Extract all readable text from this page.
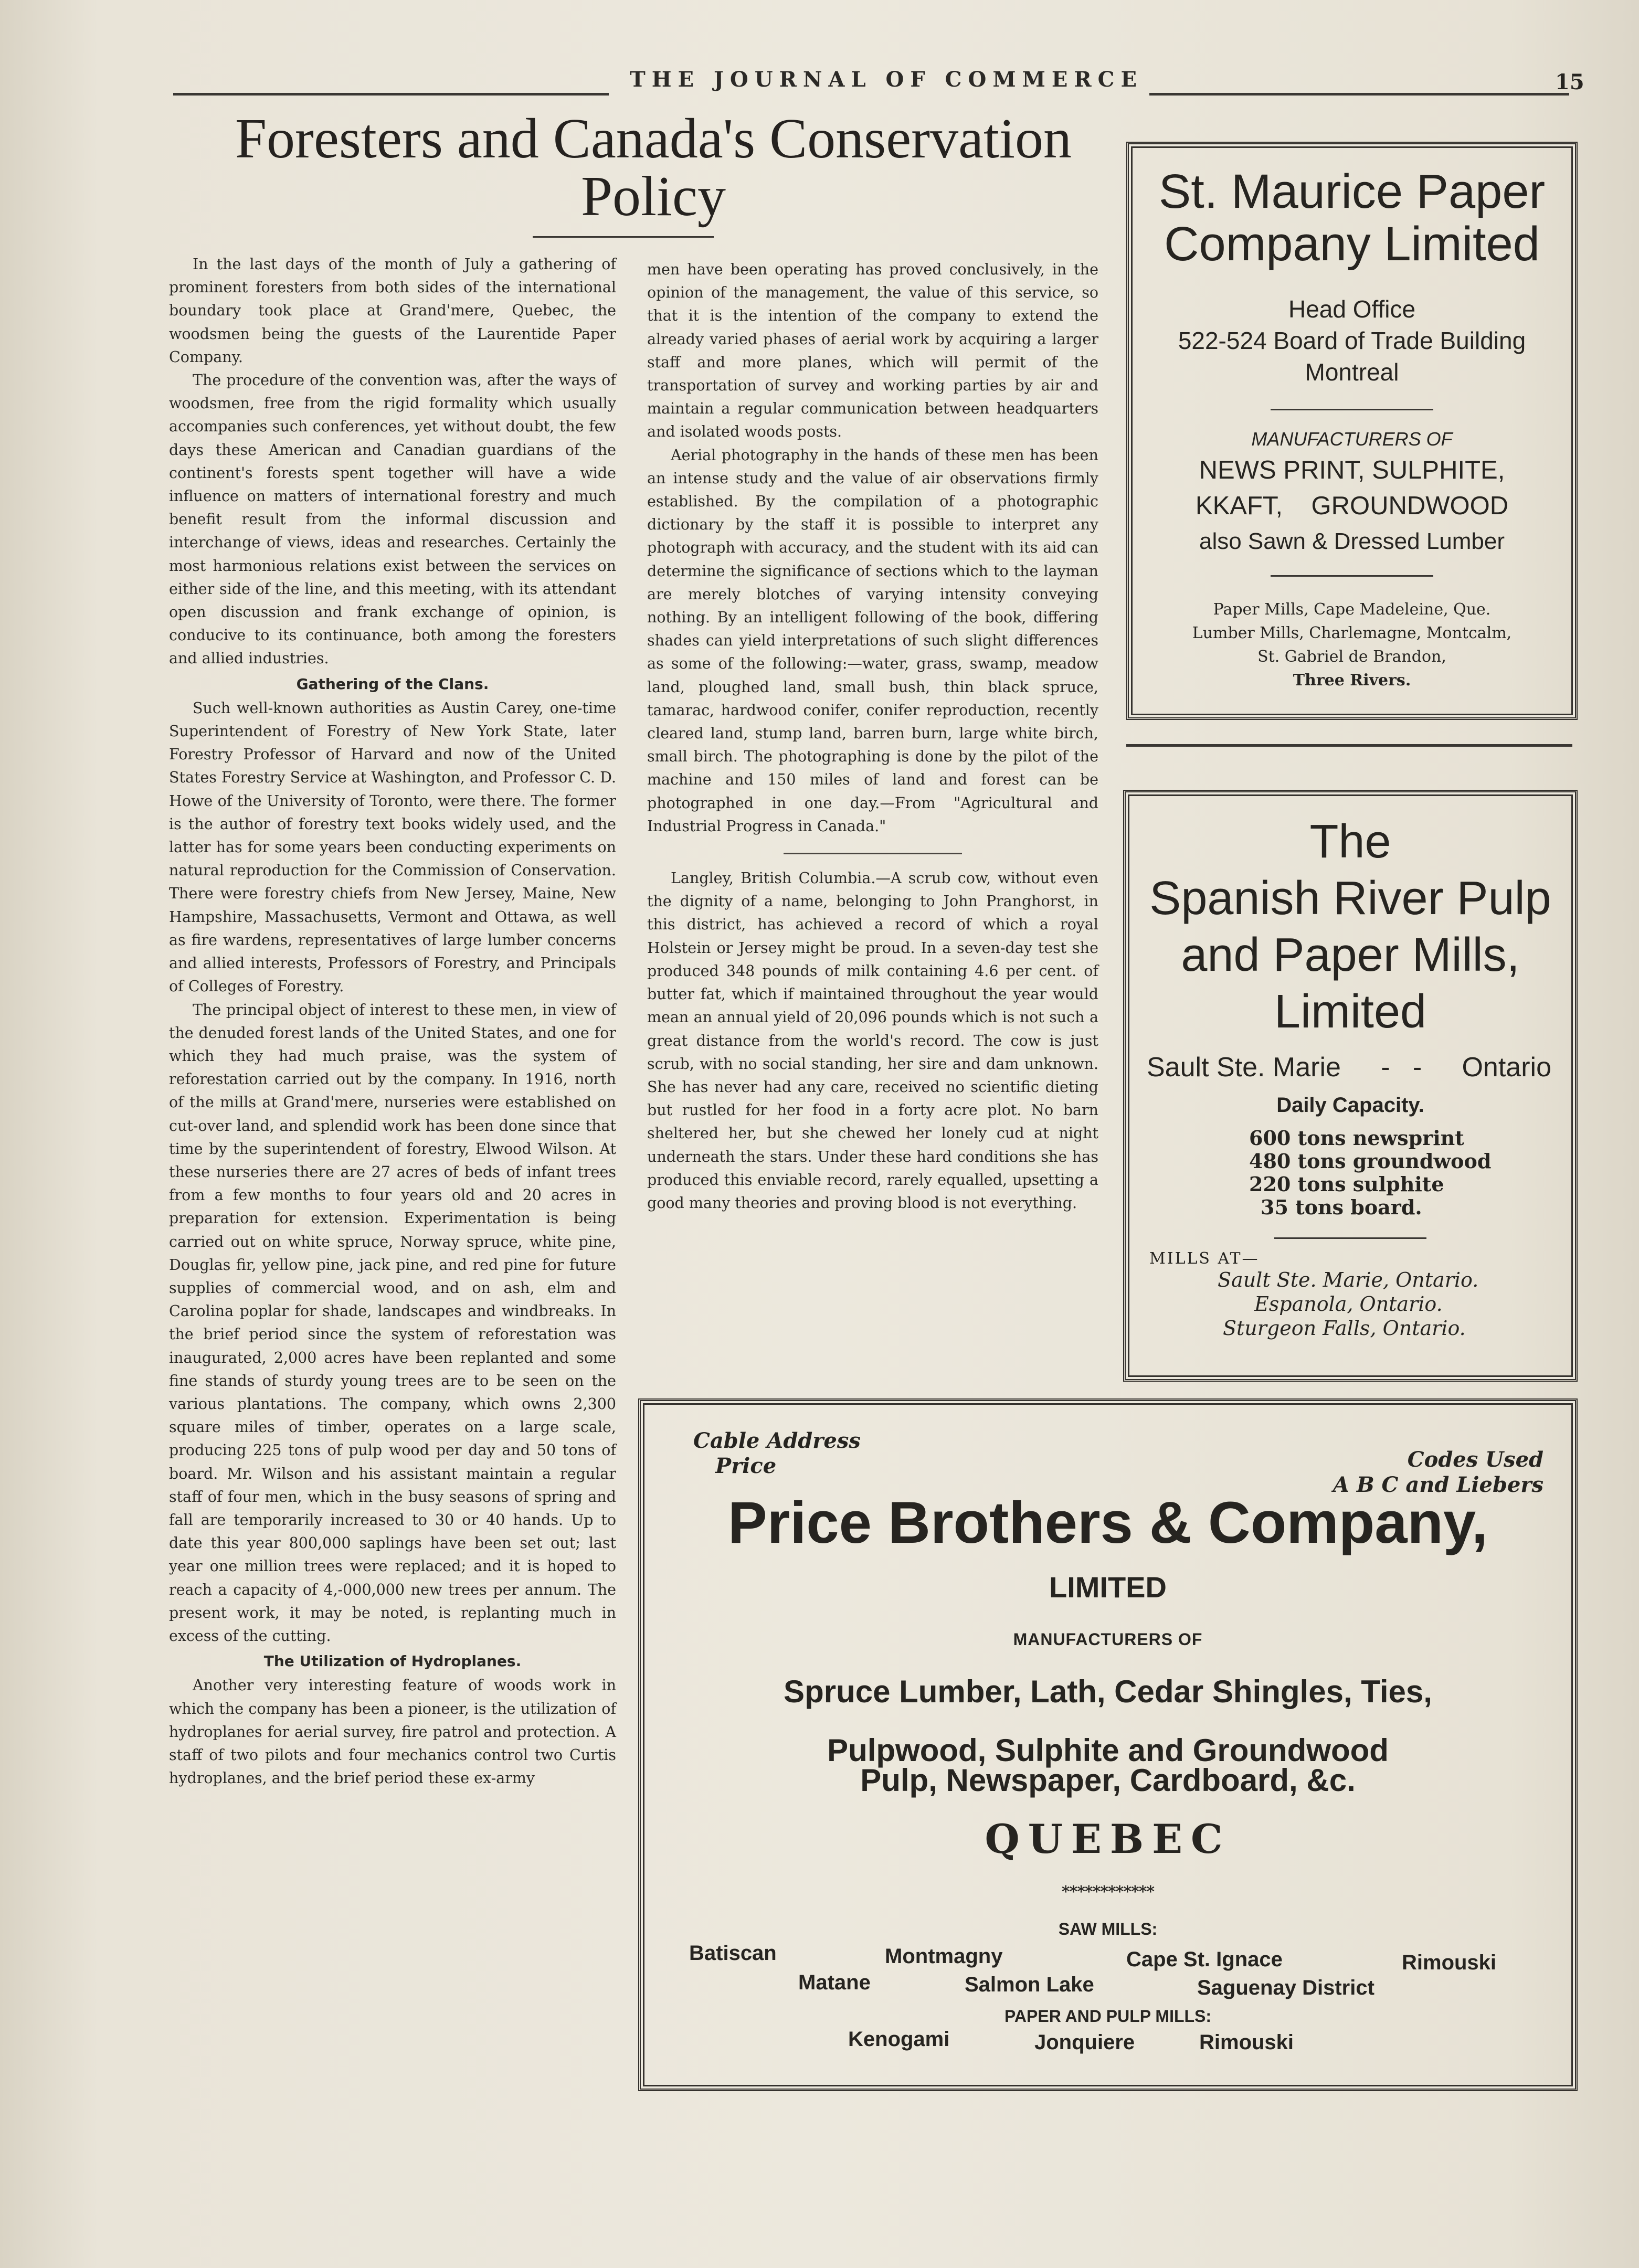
THE JOURNAL OF COMMERCE	15
Foresters and Canada's Conservation Policy

In the last days of the month of July a gathering of prominent foresters from both sides of the international boundary took place at Grand'mere, Quebec, the woodsmen being the guests of the Laurentide Paper Company.

The procedure of the convention was, after the ways of woodsmen, free from the rigid formality which usually accompanies such conferences, yet without doubt, the few days these American and Canadian guardians of the continent's forests spent together will have a wide influence on matters of international forestry and much benefit result from the informal discussion and interchange of views, ideas and researches. Certainly the most harmonious relations exist between the services on either side of the line, and this meeting, with its attendant open discussion and frank exchange of opinion, is conducive to its continuance, both among the foresters and allied industries.

Gathering of the Clans.

Such well-known authorities as Austin Carey, one-time Superintendent of Forestry of New York State, later Forestry Professor of Harvard and now of the United States Forestry Service at Washington, and Professor C. D. Howe of the University of Toronto, were there. The former is the author of forestry text books widely used, and the latter has for some years been conducting experiments on natural reproduction for the Commission of Conservation. There were forestry chiefs from New Jersey, Maine, New Hampshire, Massachusetts, Vermont and Ottawa, as well as fire wardens, representatives of large lumber concerns and allied interests, Professors of Forestry, and Principals of Colleges of Forestry.

The principal object of interest to these men, in view of the denuded forest lands of the United States, and one for which they had much praise, was the system of reforestation carried out by the company. In 1916, north of the mills at Grand'mere, nurseries were established on cut-over land, and splendid work has been done since that time by the superintendent of forestry, Elwood Wilson. At these nurseries there are 27 acres of beds of infant trees from a few months to four years old and 20 acres in preparation for extension. Experimentation is being carried out on white spruce, Norway spruce, white pine, Douglas fir, yellow pine, jack pine, and red pine for future supplies of commercial wood, and on ash, elm and Carolina poplar for shade, landscapes and windbreaks. In the brief period since the system of reforestation was inaugurated, 2,000 acres have been replanted and some fine stands of sturdy young trees are to be seen on the various plantations. The company, which owns 2,300 square miles of timber, operates on a large scale, producing 225 tons of pulp wood per day and 50 tons of board. Mr. Wilson and his assistant maintain a regular staff of four men, which in the busy seasons of spring and fall are temporarily increased to 30 or 40 hands. Up to date this year 800,000 saplings have been set out; last year one million trees were replaced; and it is hoped to reach a capacity of 4,-000,000 new trees per annum. The present work, it may be noted, is replanting much in excess of the cutting.

The Utilization of Hydroplanes.

Another very interesting feature of woods work in which the company has been a pioneer, is the utilization of hydroplanes for aerial survey, fire patrol and protection. A staff of two pilots and four mechanics control two Curtis hydroplanes, and the brief period these ex-army

men have been operating has proved conclusively, in the opinion of the management, the value of this service, so that it is the intention of the company to extend the already varied phases of aerial work by acquiring a larger staff and more planes, which will permit of the transportation of survey and working parties by air and maintain a regular communication between headquarters and isolated woods posts.

Aerial photography in the hands of these men has been an intense study and the value of air observations firmly established. By the compilation of a photographic dictionary by the staff it is possible to interpret any photograph with accuracy, and the student with its aid can determine the significance of sections which to the layman are merely blotches of varying intensity conveying nothing. By an intelligent following of the book, differing shades can yield interpretations of such slight differences as some of the following:—water, grass, swamp, meadow land, ploughed land, small bush, thin black spruce, tamarac, hardwood conifer, conifer reproduction, recently cleared land, stump land, barren burn, large white birch, small birch. The photographing is done by the pilot of the machine and 150 miles of land and forest can be photographed in one day.—From "Agricultural and Industrial Progress in Canada."

Langley, British Columbia.—A scrub cow, without even the dignity of a name, belonging to John Pranghorst, in this district, has achieved a record of which a royal Holstein or Jersey might be proud. In a seven-day test she produced 348 pounds of milk containing 4.6 per cent. of butter fat, which if maintained throughout the year would mean an annual yield of 20,096 pounds which is not such a great distance from the world's record. The cow is just scrub, with no social standing, her sire and dam unknown. She has never had any care, received no scientific dieting but rustled for her food in a forty acre plot. No barn sheltered her, but she chewed her lonely cud at night underneath the stars. Under these hard conditions she has produced this enviable record, rarely equalled, upsetting a good many theories and proving blood is not everything.

St. Maurice Paper
Company Limited
Head Office
522-524 Board of Trade Building
Montreal
MANUFACTURERS OF
NEWS PRINT, SULPHITE,
KKAFT,    GROUNDWOOD
also Sawn & Dressed Lumber
Paper Mills, Cape Madeleine, Que.
Lumber Mills, Charlemagne, Montcalm,
St. Gabriel de Brandon,
Three Rivers.
The
Spanish River Pulp
and Paper Mills,
Limited
Sault Ste. Marie -   - Ontario
Daily Capacity.
600 tons newsprint
480 tons groundwood
220 tons sulphite
35 tons board.
MILLS AT—
Sault Ste. Marie, Ontario.
Espanola, Ontario.
Sturgeon Falls, Ontario.
Cable Address
Price	Codes Used
A B C and Liebers
Price Brothers & Company,
LIMITED
MANUFACTURERS OF
Spruce Lumber, Lath, Cedar Shingles, Ties,
Pulpwood, Sulphite and Groundwood
Pulp, Newspaper, Cardboard, &c.
QUEBEC
************
SAW MILLS:
Batiscan	Montmagny	Cape St. Ignace	Rimouski
Matane	Salmon Lake	Saguenay District
PAPER AND PULP MILLS:
Kenogami	Jonquiere	Rimouski
